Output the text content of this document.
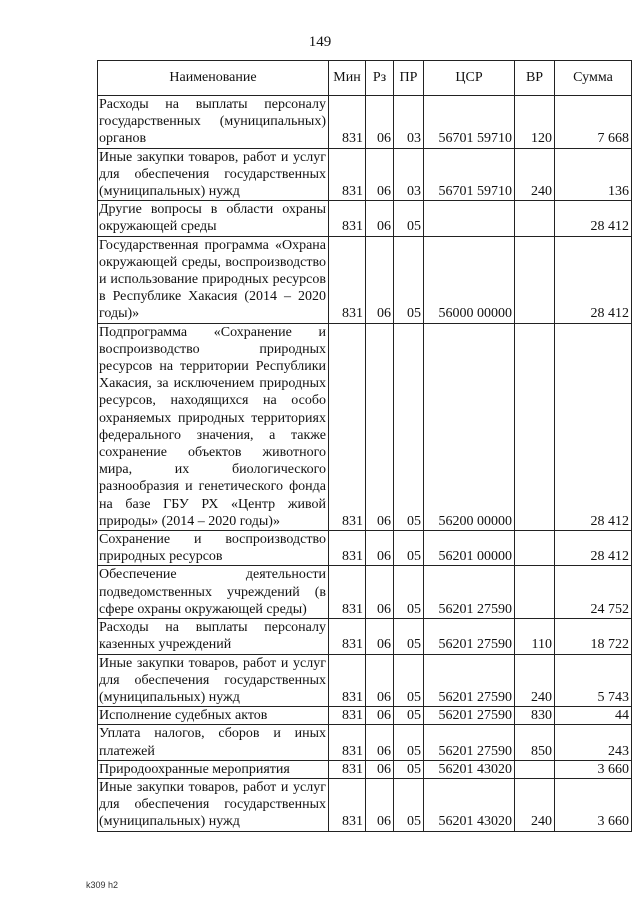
149
Наименование	Мин	Рз	ПР	ЦСР	ВР	Сумма
Расходы на выплаты персоналу государственных (муниципальных) органов	831	06	03	56701 59710	120	7 668
Иные закупки товаров, работ и услуг для обеспечения государственных (муниципальных) нужд	831	06	03	56701 59710	240	136
Другие вопросы в области охраны окружающей среды	831	06	05			28 412
Государственная программа «Охрана окружающей среды, воспроизводство и использование природных ресурсов в Республике Хакасия (2014 – 2020 годы)»	831	06	05	56000 00000		28 412
Подпрограмма «Сохранение и воспроизводство природных ресурсов на территории Республики Хакасия, за исключением природных ресурсов, находящихся на особо охраняемых природных территориях федерального значения, а также сохранение объектов животного мира, их биологического разнообразия и генетического фонда на базе ГБУ РХ «Центр живой природы» (2014 – 2020 годы)»	831	06	05	56200 00000		28 412
Сохранение и воспроизводство природных ресурсов	831	06	05	56201 00000		28 412
Обеспечение деятельности подведомственных учреждений (в сфере охраны окружающей среды)	831	06	05	56201 27590		24 752
Расходы на выплаты персоналу казенных учреждений	831	06	05	56201 27590	110	18 722
Иные закупки товаров, работ и услуг для обеспечения государственных (муниципальных) нужд	831	06	05	56201 27590	240	5 743
Исполнение судебных актов	831	06	05	56201 27590	830	44
Уплата налогов, сборов и иных платежей	831	06	05	56201 27590	850	243
Природоохранные мероприятия	831	06	05	56201 43020		3 660
Иные закупки товаров, работ и услуг для обеспечения государственных (муниципальных) нужд	831	06	05	56201 43020	240	3 660
k309 h2
